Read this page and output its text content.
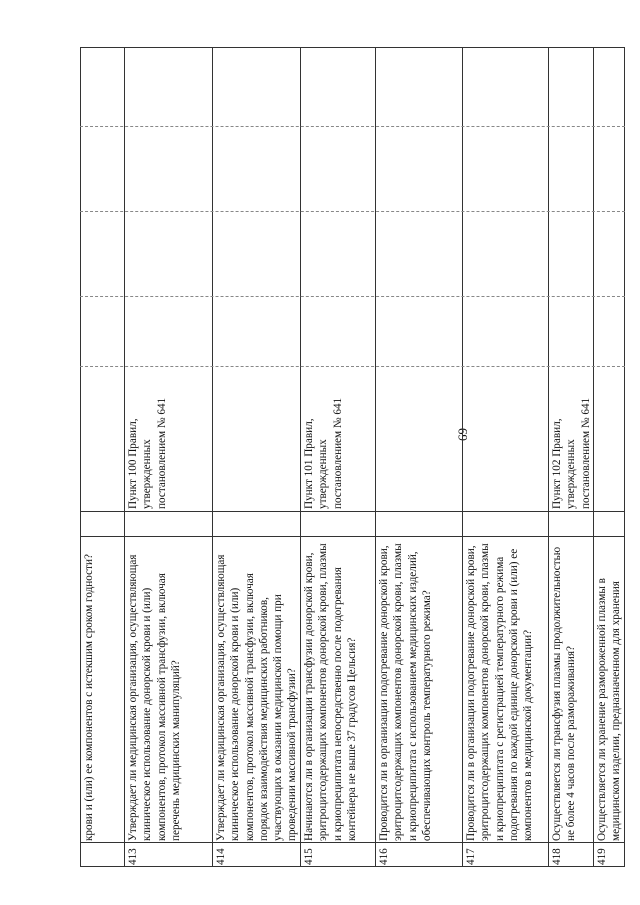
69
крови и (или) ее компонентов с истекшим сроком годности?
413
Утверждает ли медицинская организация, осуществляющая клиническое использование донорской крови и (или) компонентов, протокол массивной трансфузии, включая перечень медицинских манипуляций?
Пункт 100 Правил, утвержденных постановлением № 641
414
Утверждает ли медицинская организация, осуществляющая клиническое использование донорской крови и (или) компонентов, протокол массивной трансфузии, включая порядок взаимодействия медицинских работников, участвующих в оказании медицинской помощи при проведении массивной трансфузии?
415
Начинаются ли в организации трансфузии донорской крови, эритроцитсодержащих компонентов донорской крови, плазмы и криопреципитата непосредственно после подогревания контейнера не выше 37 градусов Цельсия?
Пункт 101 Правил, утвержденных постановлением № 641
416
Проводится ли в организации подогревание донорской крови, эритроцитсодержащих компонентов донорской крови, плазмы и криопреципитата с использованием медицинских изделий, обеспечивающих контроль температурного режима?
417
Проводится ли в организации подогревание донорской крови, эритроцитсодержащих компонентов донорской крови, плазмы и криопреципитата с регистрацией температурного режима подогревания по каждой единице донорской крови и (или) ее компонентов в медицинской документации?
418
Осуществляется ли трансфузия плазмы продолжительностью не более 4 часов после размораживания?
Пункт 102 Правил, утвержденных постановлением № 641
419
Осуществляется ли хранение размороженной плазмы в медицинском изделии, предназначенном для хранения
